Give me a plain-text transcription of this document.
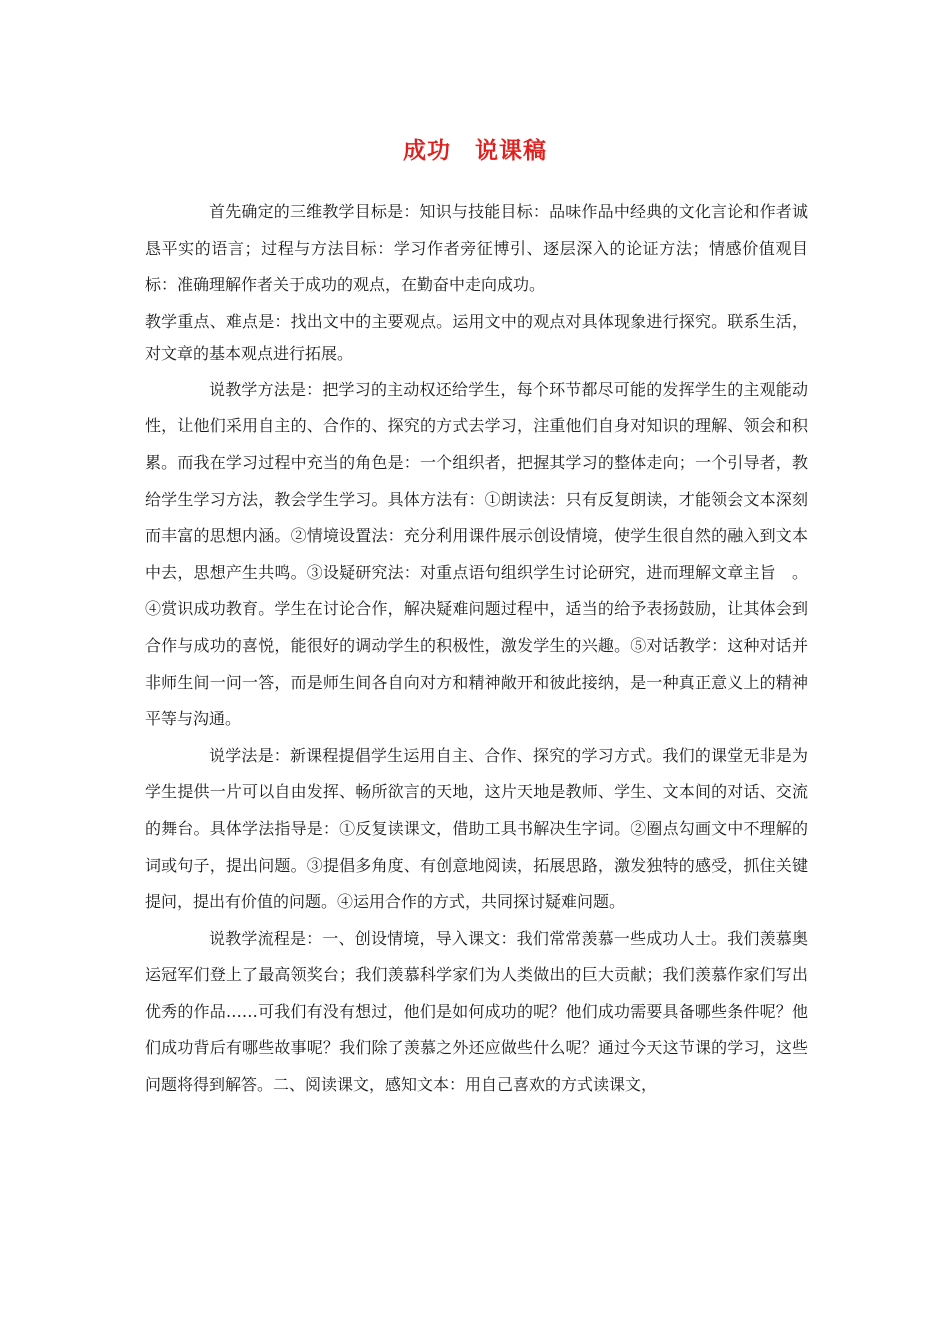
成功　说课稿

首先确定的三维教学目标是：知识与技能目标：品味作品中经典的文化言论和作者诚恳平实的语言；过程与方法目标：学习作者旁征博引、逐层深入的论证方法；情感价值观目标：准确理解作者关于成功的观点，在勤奋中走向成功。

教学重点、难点是：找出文中的主要观点。运用文中的观点对具体现象进行探究。联系生活，对文章的基本观点进行拓展。

说教学方法是：把学习的主动权还给学生，每个环节都尽可能的发挥学生的主观能动性，让他们采用自主的、合作的、探究的方式去学习，注重他们自身对知识的理解、领会和积累。而我在学习过程中充当的角色是：一个组织者，把握其学习的整体走向；一个引导者，教给学生学习方法，教会学生学习。具体方法有：①朗读法：只有反复朗读，才能领会文本深刻而丰富的思想内涵。②情境设置法：充分利用课件展示创设情境，使学生很自然的融入到文本中去，思想产生共鸣。③设疑研究法：对重点语句组织学生讨论研究，进而理解文章主旨　。④赏识成功教育。学生在讨论合作，解决疑难问题过程中，适当的给予表扬鼓励，让其体会到合作与成功的喜悦，能很好的调动学生的积极性，激发学生的兴趣。⑤对话教学：这种对话并非师生间一问一答，而是师生间各自向对方和精神敞开和彼此接纳，是一种真正意义上的精神平等与沟通。

说学法是：新课程提倡学生运用自主、合作、探究的学习方式。我们的课堂无非是为学生提供一片可以自由发挥、畅所欲言的天地，这片天地是教师、学生、文本间的对话、交流的舞台。具体学法指导是：①反复读课文，借助工具书解决生字词。②圈点勾画文中不理解的词或句子，提出问题。③提倡多角度、有创意地阅读，拓展思路，激发独特的感受，抓住关键提问，提出有价值的问题。④运用合作的方式，共同探讨疑难问题。

说教学流程是：一、创设情境，导入课文：我们常常羡慕一些成功人士。我们羡慕奥运冠军们登上了最高领奖台；我们羡慕科学家们为人类做出的巨大贡献；我们羡慕作家们写出优秀的作品……可我们有没有想过，他们是如何成功的呢？他们成功需要具备哪些条件呢？他们成功背后有哪些故事呢？我们除了羡慕之外还应做些什么呢？通过今天这节课的学习，这些问题将得到解答。二、阅读课文，感知文本：用自己喜欢的方式读课文，
